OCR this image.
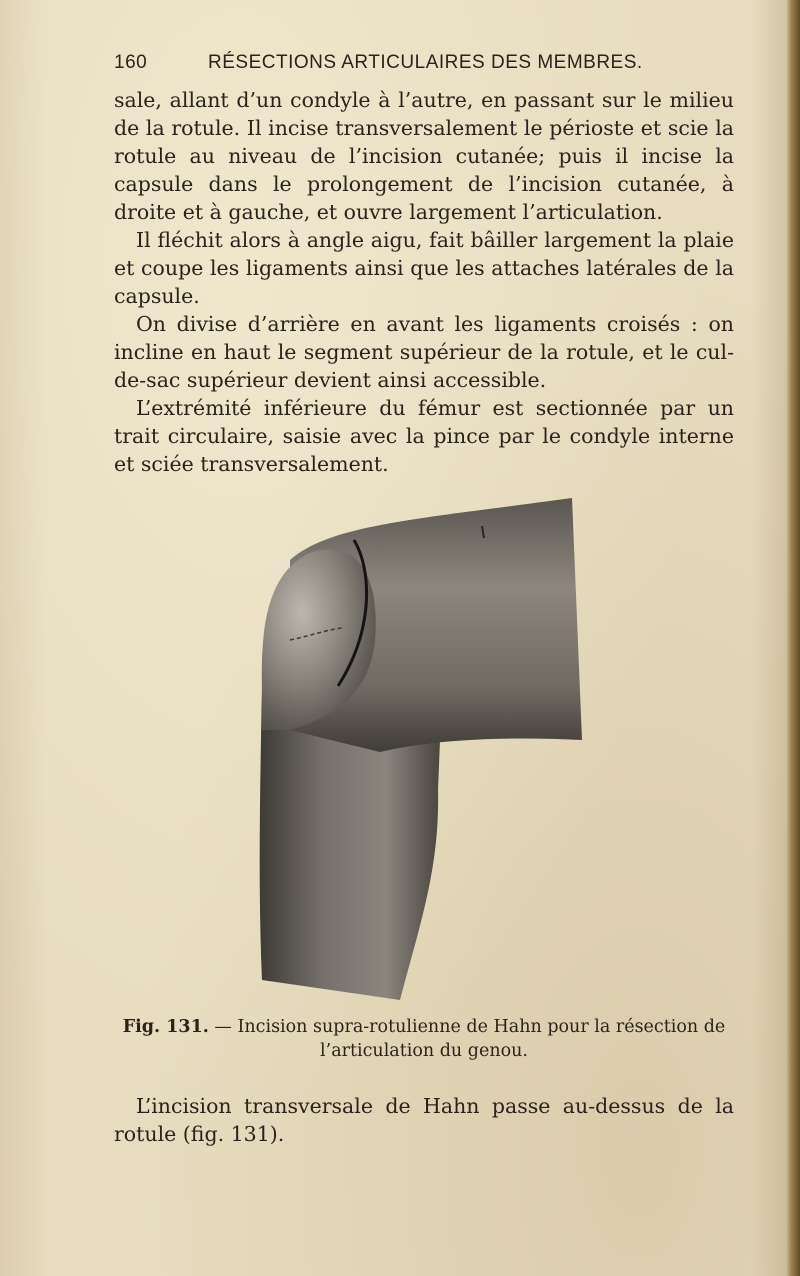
160	RÉSECTIONS ARTICULAIRES DES MEMBRES.

sale, allant d’un condyle à l’autre, en passant sur le milieu de la rotule. Il incise transversalement le périoste et scie la rotule au niveau de l’incision cutanée; puis il incise la capsule dans le prolongement de l’incision cutanée, à droite et à gauche, et ouvre largement l’articulation.

Il fléchit alors à angle aigu, fait bâiller largement la plaie et coupe les ligaments ainsi que les attaches latérales de la capsule.

On divise d’arrière en avant les ligaments croisés : on incline en haut le segment supérieur de la rotule, et le cul-de-sac supérieur devient ainsi accessible.

L’extrémité inférieure du fémur est sectionnée par un trait circulaire, saisie avec la pince par le condyle interne et sciée transversalement.

Fig. 131. — Incision supra-rotulienne de Hahn pour la résection de l’articulation du genou.

L’incision transversale de Hahn passe au-dessus de la rotule (fig. 131).
